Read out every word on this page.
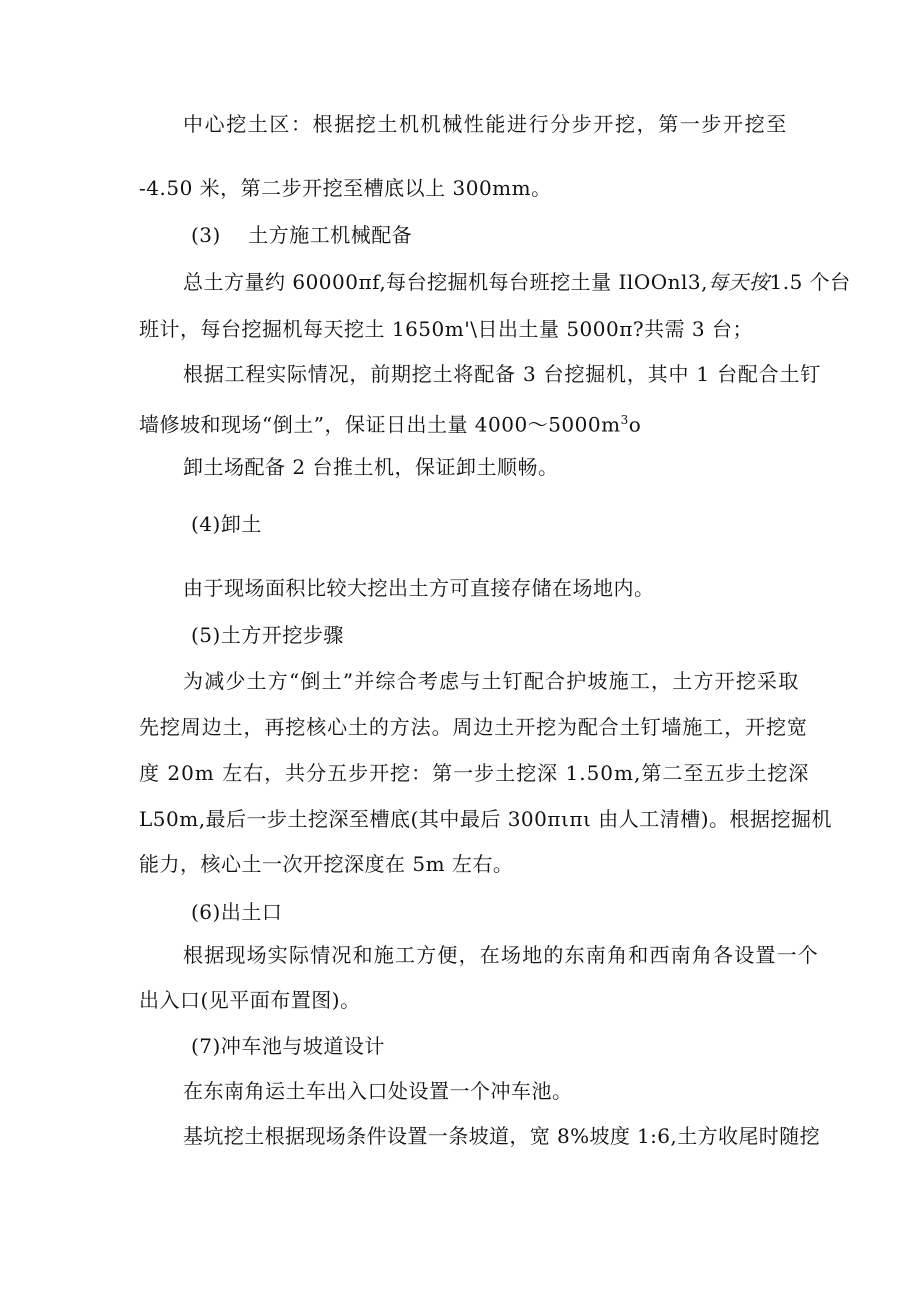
中心挖土区：根据挖土机机械性能进行分步开挖，第一步开挖至
-4.50 米，第二步开挖至槽底以上 300mm。
(3)    土方施工机械配备
总土方量约 60000πf,每台挖掘机每台班挖土量 IlOOnl3,每天按1.5 个台
班计，每台挖掘机每天挖土 1650m'\日出土量 5000π?共需 3 台；
根据工程实际情况，前期挖土将配备 3 台挖掘机，其中 1 台配合土钉
墙修坡和现场“倒土”，保证日出土量 $4000\sim 5000m^3o$
卸土场配备 2 台推土机，保证卸土顺畅。
(4)卸土
由于现场面积比较大挖出土方可直接存储在场地内。
(5)土方开挖步骤
为减少土方“倒土”并综合考虑与土钉配合护坡施工，土方开挖采取
先挖周边土，再挖核心土的方法。周边土开挖为配合土钉墙施工，开挖宽
度 20m 左右，共分五步开挖：第一步土挖深 1.50m,第二至五步土挖深
L50m,最后一步土挖深至槽底(其中最后 300πιπι 由人工清槽)。根据挖掘机
能力，核心土一次开挖深度在 5m 左右。
(6)出土口
根据现场实际情况和施工方便，在场地的东南角和西南角各设置一个
出入口(见平面布置图)。
(7)冲车池与坡道设计
在东南角运土车出入口处设置一个冲车池。
基坑挖土根据现场条件设置一条坡道，宽 8%坡度 1:6,土方收尾时随挖
